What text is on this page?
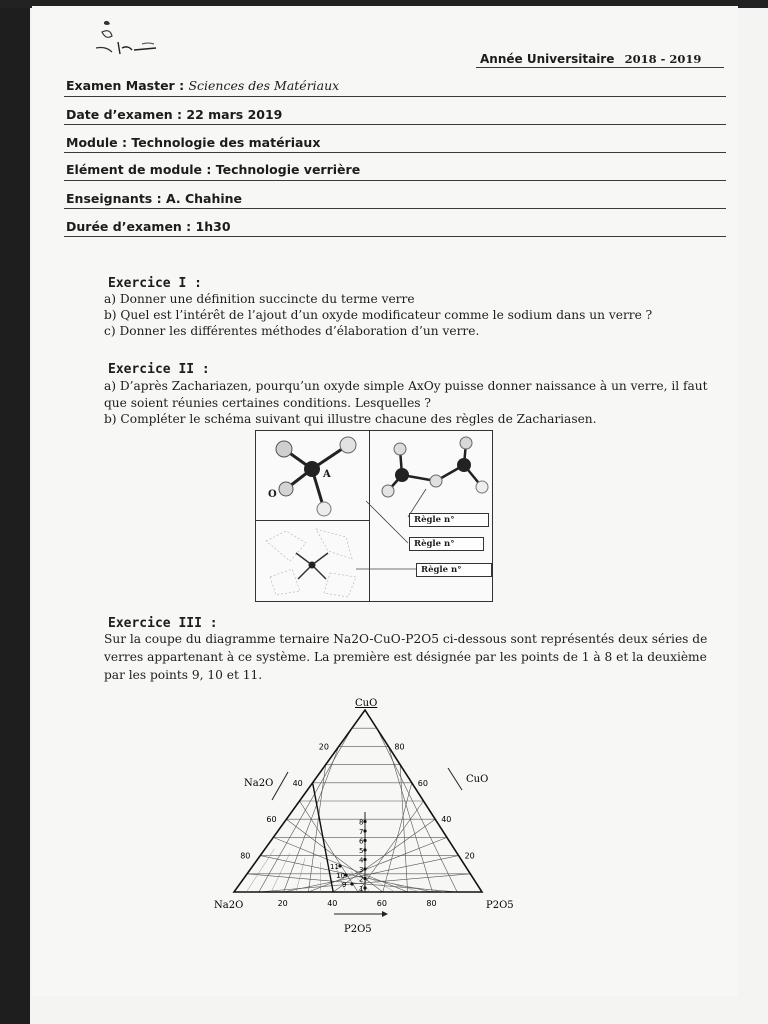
Année Universitaire 2018 - 2019
Examen Master : Sciences des Matériaux
Date d’examen : 22 mars 2019
Module : Technologie des matériaux
Elément de module : Technologie verrière
Enseignants : A. Chahine
Durée d’examen : 1h30
Exercice I :
a) Donner une définition succincte du terme verre
b) Quel est l’intérêt de l’ajout d’un oxyde modificateur comme le sodium dans un verre ?
c) Donner les différentes méthodes d’élaboration d’un verre.
Exercice II :
a) D’après Zachariazen, pourqu’un oxyde simple AxOy puisse donner naissance à un verre, il faut
que soient réunies certaines conditions. Lesquelles ?
b) Compléter le schéma suivant qui illustre chacune des règles de Zachariasen.
O
A
Règle n°
Règle n°
Règle n°
Exercice III :
Sur la coupe du diagramme ternaire Na2O-CuO-P2O5 ci-dessous sont représentés deux séries de
verres appartenant à ce système. La première est désignée par les points de 1 à 8 et la deuxième
par les points 9, 10 et 11.
1
2
3
4
5
6
7
8
9
10
11
20
40
60
80
80
60
40
20
20	40	60	80
CuO
Na2O	P2O5
Na2O	CuO
P2O5
